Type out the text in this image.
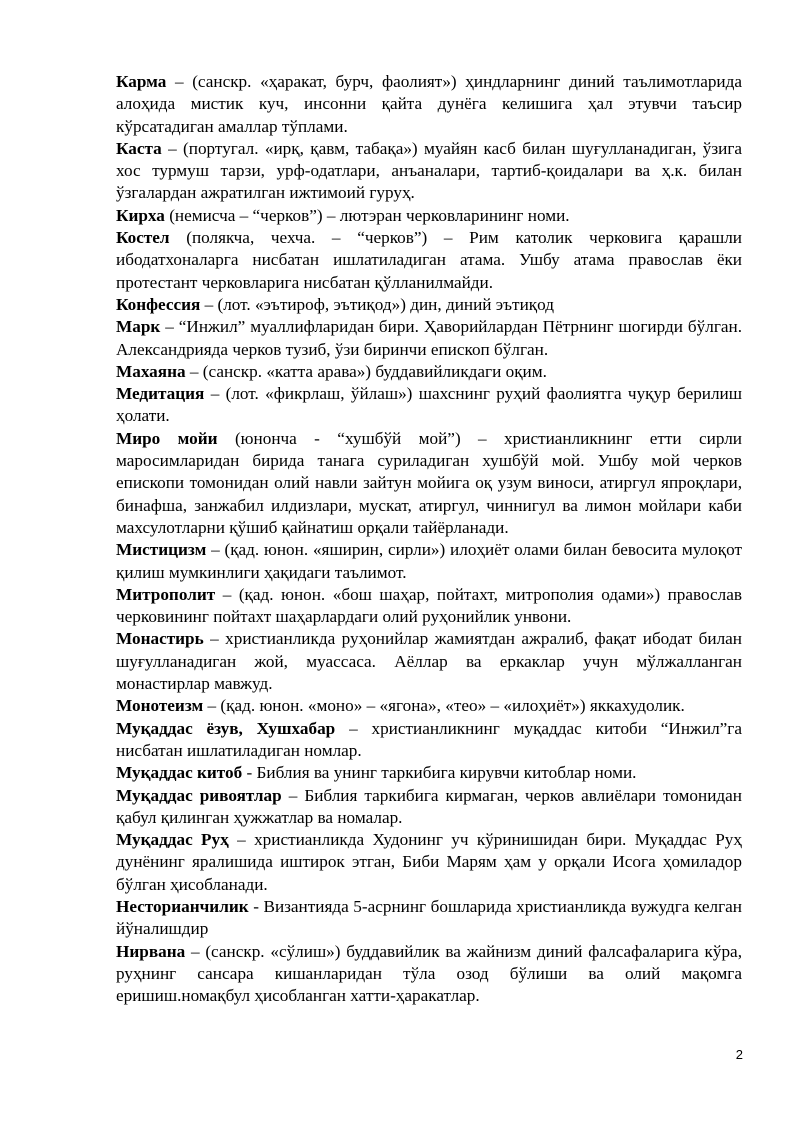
Карма – (санскр. «ҳаракат, бурч, фаолият») ҳиндларнинг диний таълимотларида алоҳида мистик куч, инсонни қайта дунёга келишига ҳал этувчи таъсир кўрсатадиган амаллар тўплами.

Каста – (португал. «ирқ, қавм, табақа») муайян касб билан шуғулланадиган, ўзига хос турмуш тарзи, урф-одатлари, анъаналари, тартиб-қоидалари ва ҳ.к. билан ўзгалардан ажратилган ижтимоий гуруҳ.

Кирха (немисча – “черков”) – лютэран черковларининг номи.

Костел (полякча, чехча. – “черков”) – Рим католик черковига қарашли ибодатхоналарга нисбатан ишлатиладиган атама. Ушбу атама православ ёки протестант черковларига нисбатан қўлланилмайди.

Конфессия – (лот. «эътироф, эътиқод») дин, диний эътиқод

Марк – “Инжил” муаллифларидан бири. Ҳаворийлардан Пётрнинг шогирди бўлган. Александрияда черков тузиб, ўзи биринчи епископ бўлган.

Махаяна – (санскр. «катта арава») буддавийликдаги оқим.

Медитация – (лот. «фикрлаш, ўйлаш») шахснинг руҳий фаолиятга чуқур берилиш ҳолати.

Миро мойи (юнонча - “хушбўй мой”) – христианликнинг етти сирли маросимларидан бирида танага суриладиган хушбўй мой. Ушбу мой черков епископи томонидан олий навли зайтун мойига оқ узум виноси, атиргул япроқлари, бинафша, занжабил илдизлари, мускат, атиргул, чиннигул ва лимон мойлари каби махсулотларни қўшиб қайнатиш орқали тайёрланади.

Мистицизм – (қад. юнон. «яширин, сирли») илоҳиёт олами билан бевосита мулоқот қилиш мумкинлиги ҳақидаги таълимот.

Митрополит – (қад. юнон. «бош шаҳар, пойтахт, митрополия одами») православ черковининг пойтахт шаҳарлардаги олий руҳонийлик унвони.

Монастирь – христианликда руҳонийлар жамиятдан ажралиб, фақат ибодат билан шуғулланадиган жой, муассаса. Аёллар ва еркаклар учун мўлжалланган монастирлар мавжуд.

Монотеизм – (қад. юнон. «моно» – «ягона», «тео» – «илоҳиёт») яккахудолик.

Муқаддас ёзув, Хушхабар – христианликнинг муқаддас китоби “Инжил”га нисбатан ишлатиладиган номлар.

Муқаддас китоб - Библия ва унинг таркибига кирувчи китоблар номи.

Муқаддас ривоятлар – Библия таркибига кирмаган, черков авлиёлари томонидан қабул қилинган ҳужжатлар ва номалар.

Муқаддас Руҳ – христианликда Худонинг уч кўринишидан бири. Муқаддас Руҳ дунёнинг яралишида иштирок этган, Биби Марям ҳам у орқали Исога ҳомиладор бўлган ҳисобланади.

Несторианчилик - Византияда 5-асрнинг бошларида христианликда вужудга келган йўналишдир

Нирвана – (санскр. «сўлиш») буддавийлик ва жайнизм диний фалсафаларига кўра, руҳнинг сансара кишанларидан тўла озод бўлиши ва олий мақомга еришиш.номақбул ҳисобланган хатти-ҳаракатлар.

2
